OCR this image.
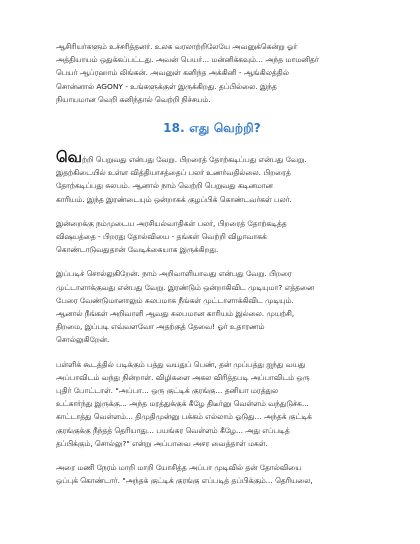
ஆசிரியர்களும் உச்சரித்தனர். உலக வரலாற்றிலேயே அவனுக்கென்று ஓர்
அத்தியாயம் ஒதுக்கப்பட்டது. அவன் பெயர்... மன்னிக்கவும்... அந்த மாமனிதர்
பெயர் ஆப்ரஹாம் லிங்கன். அவனுள் கனிந்த அக்கினி - ஆங்கிலத்தில்
சொன்னால் AGONY - உங்களுக்குள் இருக்கிறது. தப்பில்லை. இந்த
நியாயமான வெறி கனிந்தால் வெற்றி நிச்சயம்.
18. எது வெற்றி?
வெற்றி பெறுவது என்பது வேறு. பிறரைத் தோற்கடிப்பது என்பது வேறு.
இதற்கிடையில் உள்ள வித்தியாசத்தைப் பலர் உணர்வதில்லை. பிறரைத்
தோற்கடிப்பது சுலபம். ஆனால் நாம் வெற்றி பெறுவது கடினமான
காரியம். இந்த இரண்டையும் ஒன்றாகக் குழப்பிக் கொண்டவர்கள் பலர்.
இன்றைக்கு நம்முடைய அரசியல்வாதிகள் பலர், பிறரைத் தோற்கடித்த
விஷயத்தை - பிறரது தோல்வியை - தங்கள் வெற்றி விழாவாகக்
கொண்டாடுவதுதான் வேடிக்கையாக இருக்கிறது.
இப்படிச் சொல்லுகிறேன். நாம் அறிவாளியாவது என்பது வேறு. பிறரை
முட்டாளாக்குவது என்பது வேறு. இரண்டும் ஒன்றாகிவிட முடியுமா? எத்தனை
பேரை வேண்டுமானாலும் சுலபமாக நீங்கள் முட்டாளாக்கிவிட முடியும்.
ஆனால் நீங்கள் அறிவாளி ஆவது சுலபமான காரியம் இல்லை. முயற்சி,
திறமை, இப்படி எவ்வளவோ அதற்குத் தேவை! ஓர் உதாரணம்
சொல்லுகிறேன்.
பள்ளிக் கூடத்தில் படிக்கும் பத்து வயதுப் பெண், தன் முப்பத்து ஐந்து வயது
அப்பாவிடம் வந்து நின்றாள். விழிகளை அகல விரித்தபடி அப்பாவிடம் ஒரு
புதிர் போட்டாள். "அப்பா... ஒரு குட்டிக் குரங்கு... தனியா மரத்துல
உட்கார்ந்து இருக்கு... அந்த மரத்துக்குக் கீழே திடீர்னு வெள்ளம் வந்துடுச்சு...
காட்டாத்து வெள்ளம்... திமுதிமுன்னு பக்கம் எல்லாம் ஓடுது... அந்தக் குட்டிக்
குரங்குக்கு நீந்தத் தெரியாது... பயங்கர வெள்ளம் கீழே... அது எப்படித்
தப்பிக்கும், சொல்லு?" என்று அப்பாவை அசர வைத்தாள் மகள்.
அரை மணி நேரம் மாறி மாறி யோசித்த அப்பா முடிவில் தன் தோல்வியை
ஒப்புக் கொண்டார். "அந்தக் குட்டிக் குரங்கு எப்படித் தப்பிக்கும்... தெரியலை,
